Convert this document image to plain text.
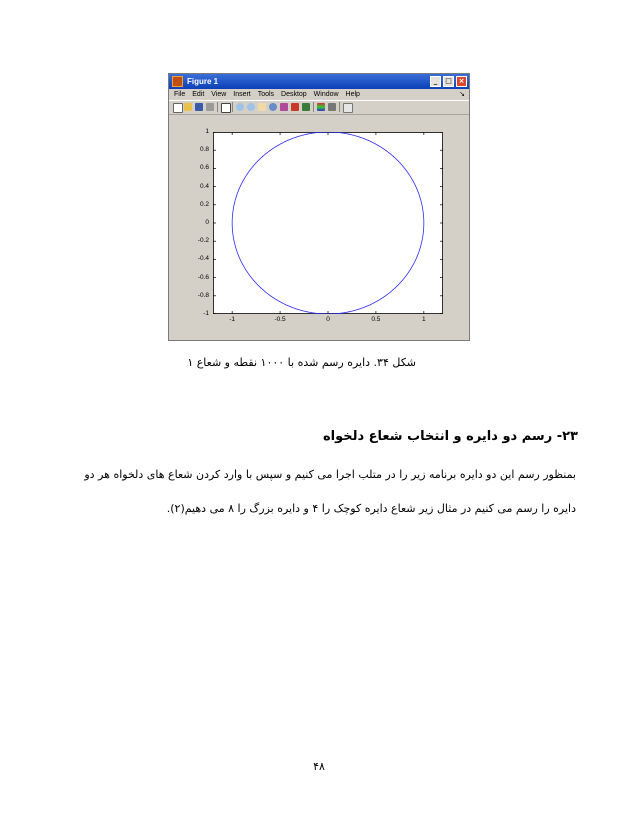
Figure 1	_	□ ×
File Edit View Insert Tools Desktop Window Help	↘
1
0.8
0.6
0.4
0.2
0
-0.2
-0.4
-0.6
-0.8
-1
-1	-0.5	0	0.5	1
شکل ۳۴. دایره رسم شده با ۱۰۰۰ نقطه و شعاع ۱
۲۳- رسم دو دایره و انتخاب شعاع دلخواه
بمنظور رسم این دو دایره برنامه زیر را در متلب اجرا می کنیم و سپس با وارد کردن شعاع های دلخواه هر دو
دایره را رسم می کنیم در مثال زیر شعاع دایره کوچک را ۴ و دایره بزرگ را ۸ می دهیم(۲).
۴۸
